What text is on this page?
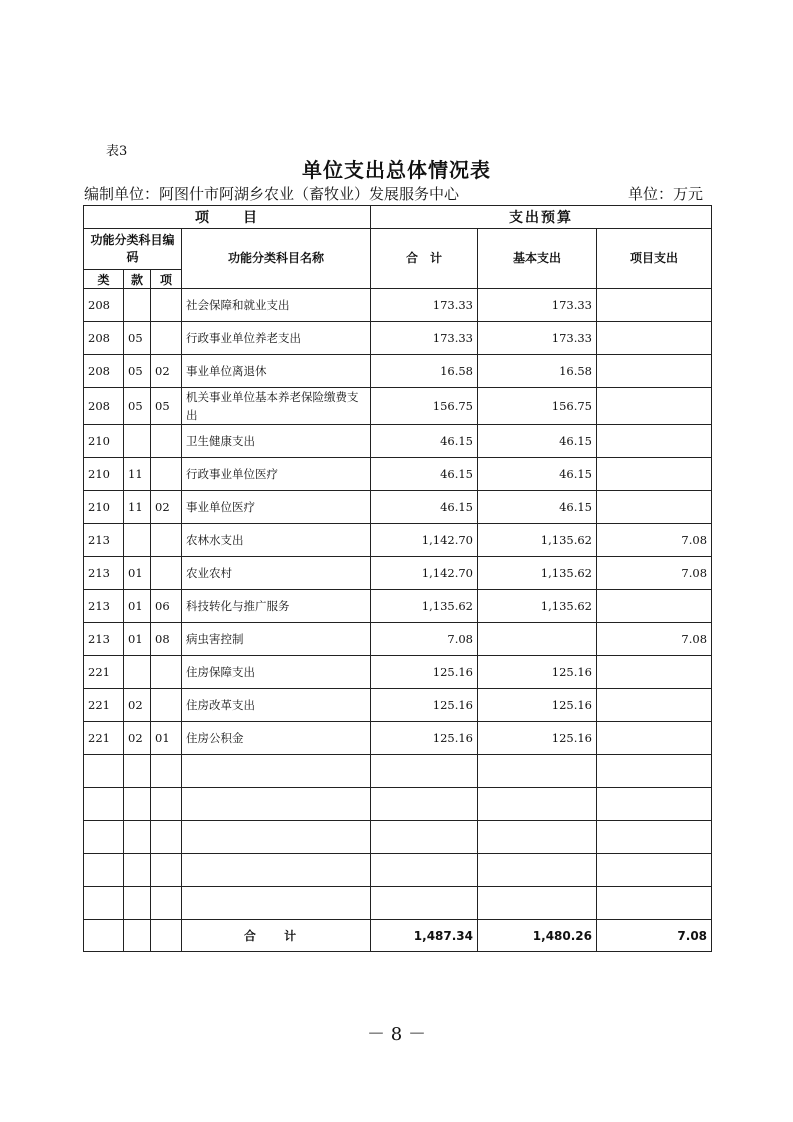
表3
单位支出总体情况表
编制单位：阿图什市阿湖乡农业（畜牧业）发展服务中心	单位：万元
项　　目				支出预算		
功能分类科目编码			功能分类科目名称	合　计	基本支出	项目支出
类	款	项				
208			社会保障和就业支出	173.33	173.33	
208	05		行政事业单位养老支出	173.33	173.33	
208	05	02	事业单位离退休	16.58	16.58	
208	05	05	机关事业单位基本养老保险缴费支出	156.75	156.75	
210			卫生健康支出	46.15	46.15	
210	11		行政事业单位医疗	46.15	46.15	
210	11	02	事业单位医疗	46.15	46.15	
213			农林水支出	1,142.70	1,135.62	7.08
213	01		农业农村	1,142.70	1,135.62	7.08
213	01	06	科技转化与推广服务	1,135.62	1,135.62	
213	01	08	病虫害控制	7.08		7.08
221			住房保障支出	125.16	125.16	
221	02		住房改革支出	125.16	125.16	
221	02	01	住房公积金	125.16	125.16	

			合 计	1,487.34	1,480.26	7.08
－ 8 －
